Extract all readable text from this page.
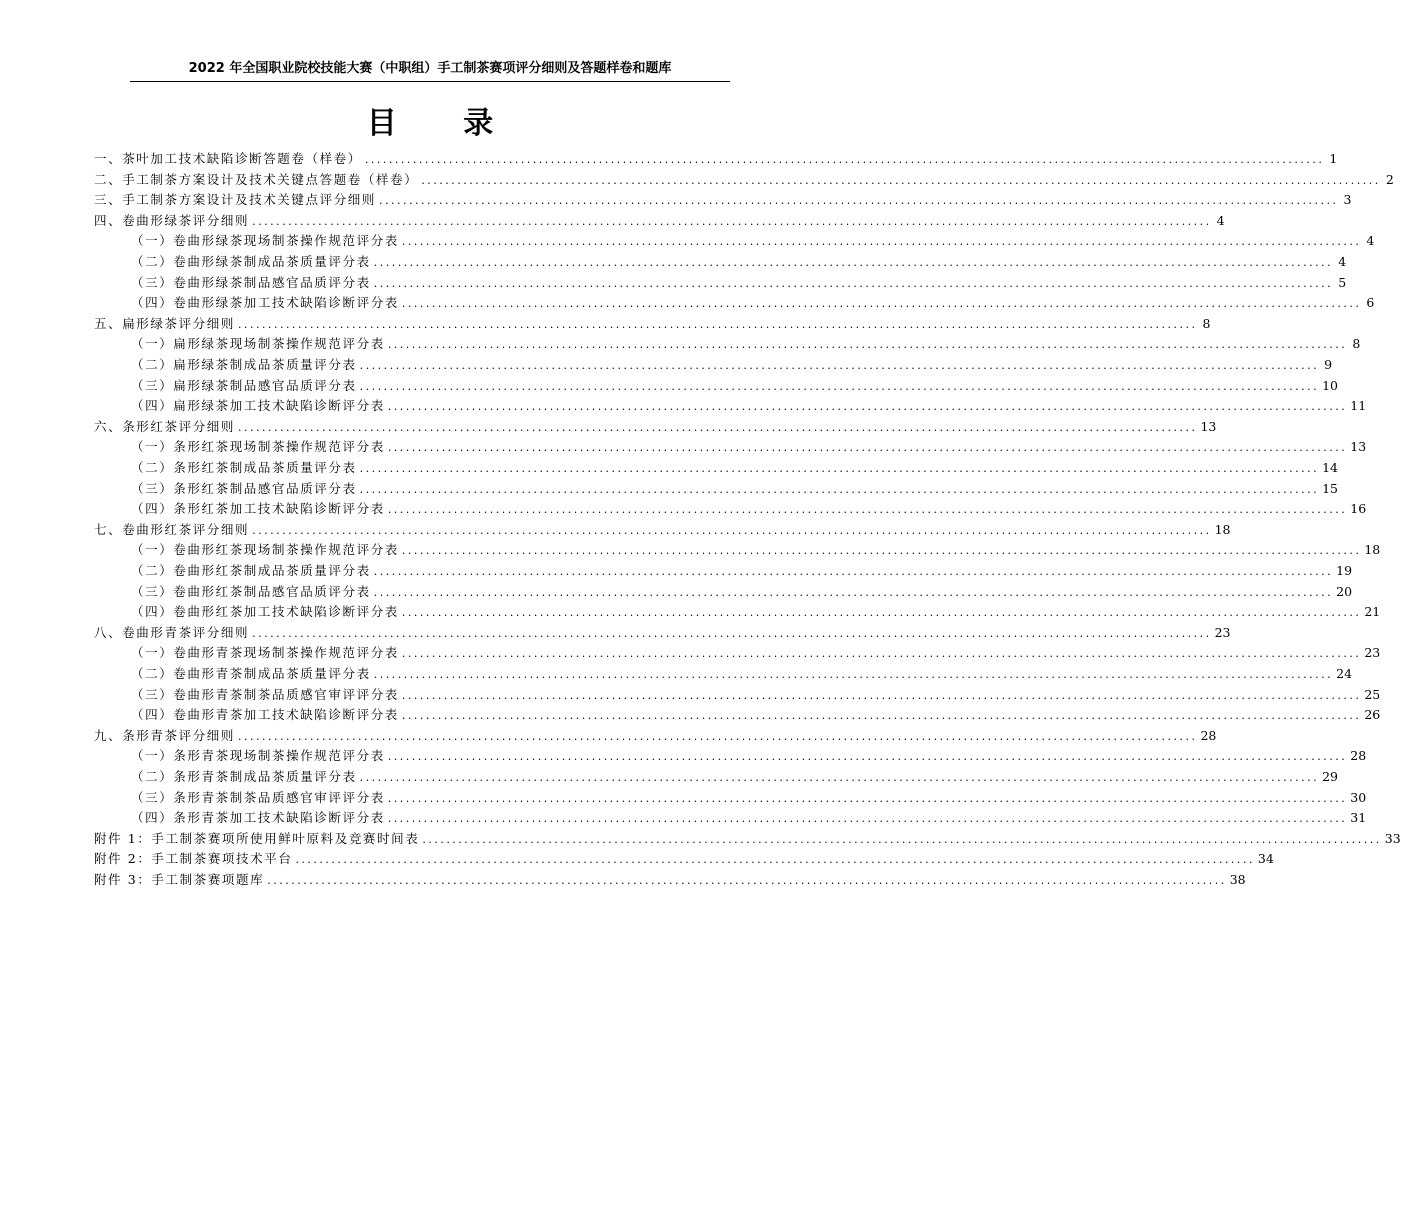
2022 年全国职业院校技能大赛（中职组）手工制茶赛项评分细则及答题样卷和题库
目 录
一、茶叶加工技术缺陷诊断答题卷（样卷） ................................................................................................................................................................ 1
二、手工制茶方案设计及技术关键点答题卷（样卷） ................................................................................................................................................................ 2
三、手工制茶方案设计及技术关键点评分细则 ................................................................................................................................................................ 3
四、卷曲形绿茶评分细则 ................................................................................................................................................................ 4
（一）卷曲形绿茶现场制茶操作规范评分表 ................................................................................................................................................................ 4
（二）卷曲形绿茶制成品茶质量评分表 ................................................................................................................................................................ 4
（三）卷曲形绿茶制品感官品质评分表 ................................................................................................................................................................ 5
（四）卷曲形绿茶加工技术缺陷诊断评分表 ................................................................................................................................................................ 6
五、扁形绿茶评分细则 ................................................................................................................................................................ 8
（一）扁形绿茶现场制茶操作规范评分表 ................................................................................................................................................................ 8
（二）扁形绿茶制成品茶质量评分表 ................................................................................................................................................................ 9
（三）扁形绿茶制品感官品质评分表 ................................................................................................................................................................ 10
（四）扁形绿茶加工技术缺陷诊断评分表 ................................................................................................................................................................ 11
六、条形红茶评分细则 ................................................................................................................................................................ 13
（一）条形红茶现场制茶操作规范评分表 ................................................................................................................................................................ 13
（二）条形红茶制成品茶质量评分表 ................................................................................................................................................................ 14
（三）条形红茶制品感官品质评分表 ................................................................................................................................................................ 15
（四）条形红茶加工技术缺陷诊断评分表 ................................................................................................................................................................ 16
七、卷曲形红茶评分细则 ................................................................................................................................................................ 18
（一）卷曲形红茶现场制茶操作规范评分表 ................................................................................................................................................................ 18
（二）卷曲形红茶制成品茶质量评分表 ................................................................................................................................................................ 19
（三）卷曲形红茶制品感官品质评分表 ................................................................................................................................................................ 20
（四）卷曲形红茶加工技术缺陷诊断评分表 ................................................................................................................................................................ 21
八、卷曲形青茶评分细则 ................................................................................................................................................................ 23
（一）卷曲形青茶现场制茶操作规范评分表 ................................................................................................................................................................ 23
（二）卷曲形青茶制成品茶质量评分表 ................................................................................................................................................................ 24
（三）卷曲形青茶制茶品质感官审评评分表 ................................................................................................................................................................ 25
（四）卷曲形青茶加工技术缺陷诊断评分表 ................................................................................................................................................................ 26
九、条形青茶评分细则 ................................................................................................................................................................ 28
（一）条形青茶现场制茶操作规范评分表 ................................................................................................................................................................ 28
（二）条形青茶制成品茶质量评分表 ................................................................................................................................................................ 29
（三）条形青茶制茶品质感官审评评分表 ................................................................................................................................................................ 30
（四）条形青茶加工技术缺陷诊断评分表 ................................................................................................................................................................ 31
附件 1：手工制茶赛项所使用鲜叶原料及竞赛时间表 ................................................................................................................................................................ 33
附件 2：手工制茶赛项技术平台 ................................................................................................................................................................ 34
附件 3：手工制茶赛项题库 ................................................................................................................................................................ 38
